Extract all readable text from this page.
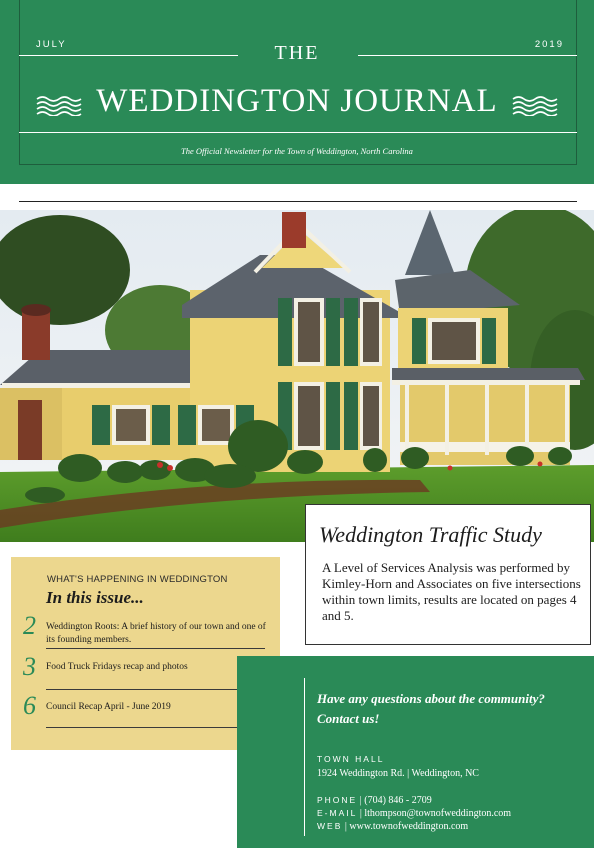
JULY	2019
THE
WEDDINGTON JOURNAL
The Official Newsletter for the Town of Weddington, North Carolina
Weddington Traffic Study
A Level of Services Analysis was performed by Kimley-Horn and Associates on five intersections within town limits, results are located on pages 4 and 5.
WHAT'S HAPPENING IN WEDDINGTON
In this issue...
2 Weddington Roots: A brief history of our town and one of its founding members.
3 Food Truck Fridays recap and photos
6 Council Recap April - June 2019
Have any questions about the community? Contact us!
TOWN HALL
1924 Weddington Rd. | Weddington, NC
PHONE | (704) 846 - 2709
E-MAIL | lthompson@townofweddington.com
WEB | www.townofweddington.com
